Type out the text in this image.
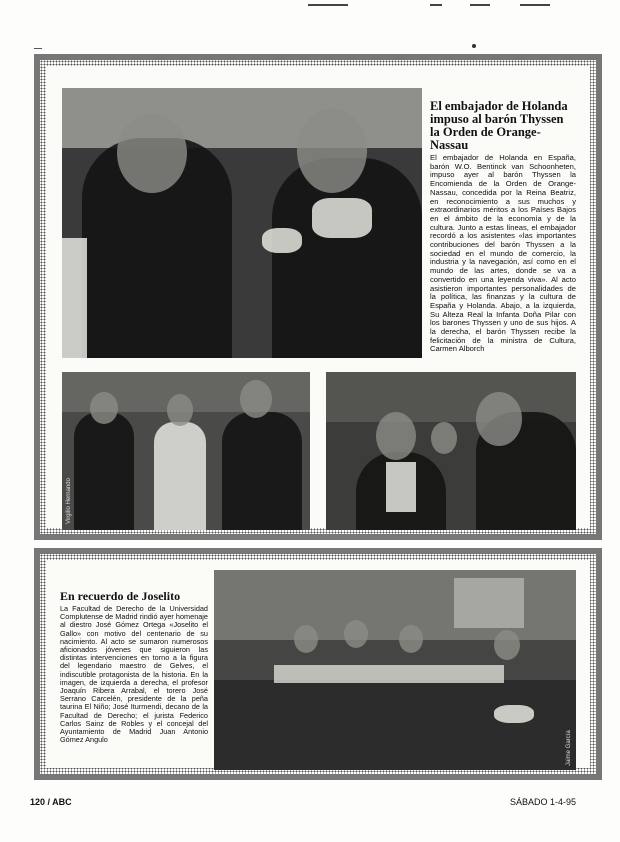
El embajador de Holanda impuso al barón Thyssen la Orden de Orange-Nassau

El embajador de Holanda en España, barón W.O. Bentinck van Schoonheten, impuso ayer al barón Thyssen la Encomienda de la Orden de Orange-Nassau, concedida por la Reina Beatriz, en reconocimiento a sus muchos y extraordinarios méritos a los Países Bajos en el ámbito de la economía y de la cultura. Junto a estas líneas, el embajador recordó a los asistentes «las importantes contribuciones del barón Thyssen a la sociedad en el mundo de comercio, la industria y la navegación, así como en el mundo de las artes, donde se va a convertido en una leyenda viva». Al acto asistieron importantes personalidades de la política, las finanzas y la cultura de España y Holanda. Abajo, a la izquierda, Su Alteza Real la Infanta Doña Pilar con los barones Thyssen y uno de sus hijos. A la derecha, el barón Thyssen recibe la felicitación de la ministra de Cultura, Carmen Alborch

Virgilio Hernando
En recuerdo de Joselito

La Facultad de Derecho de la Universidad Complutense de Madrid rindió ayer homenaje al diestro José Gómez Ortega «Joselito el Gallo» con motivo del centenario de su nacimiento. Al acto se sumaron numerosos aficionados jóvenes que siguieron las distintas intervenciones en torno a la figura del legendario maestro de Gelves, el indiscutible protagonista de la historia. En la imagen, de izquierda a derecha, el profesor Joaquín Ribera Arrabal, el torero José Serrano Carcelén, presidente de la peña taurina El Niño; José Iturmendi, decano de la Facultad de Derecho; el jurista Federico Carlos Sainz de Robles y el concejal del Ayuntamiento de Madrid Juan Antonio Gómez Angulo	Jaime García
120 / ABC	SÁBADO 1-4-95
